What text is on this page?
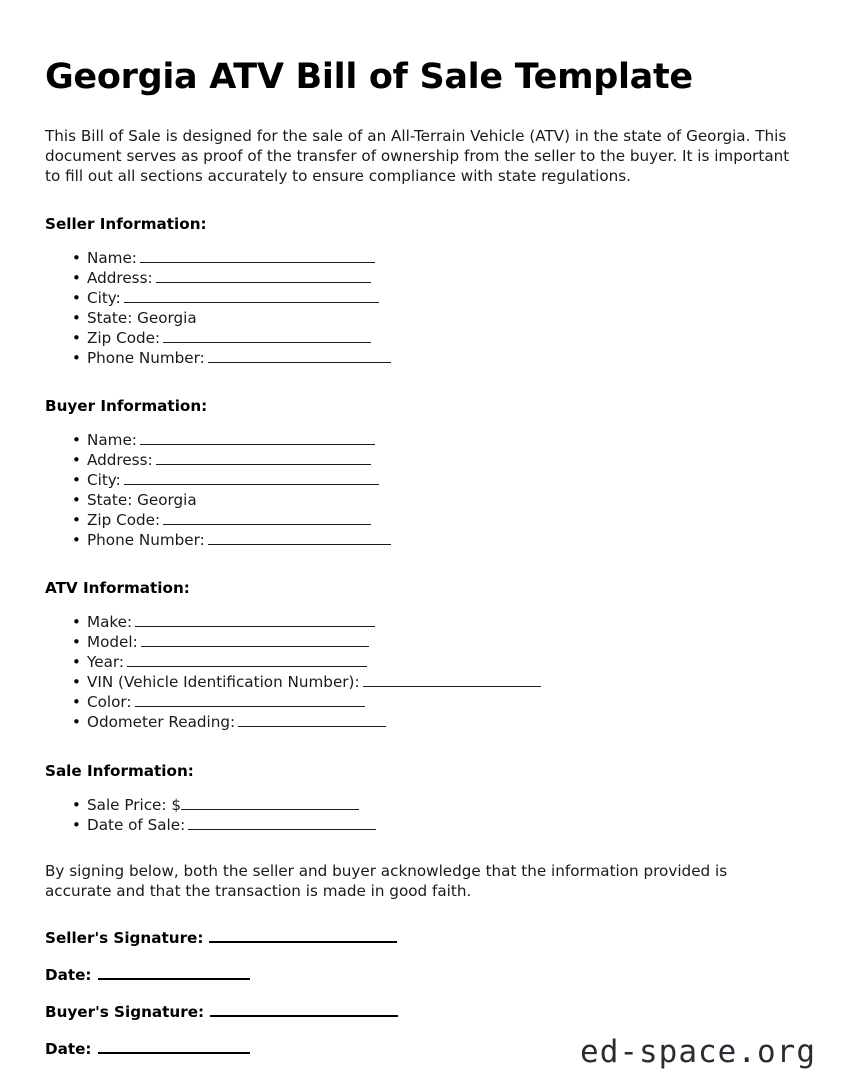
Georgia ATV Bill of Sale Template

This Bill of Sale is designed for the sale of an All-Terrain Vehicle (ATV) in the state of Georgia. This document serves as proof of the transfer of ownership from the seller to the buyer. It is important to fill out all sections accurately to ensure compliance with state regulations.

Seller Information:
• Name:
• Address:
• City:
• State: Georgia
• Zip Code:
• Phone Number:
Buyer Information:
• Name:
• Address:
• City:
• State: Georgia
• Zip Code:
• Phone Number:
ATV Information:
• Make:
• Model:
• Year:
• VIN (Vehicle Identification Number):
• Color:
• Odometer Reading:
Sale Information:
• Sale Price: $
• Date of Sale:

By signing below, both the seller and buyer acknowledge that the information provided is accurate and that the transaction is made in good faith.

Seller's Signature:
Date:
Buyer's Signature:
Date:	ed-space.org
